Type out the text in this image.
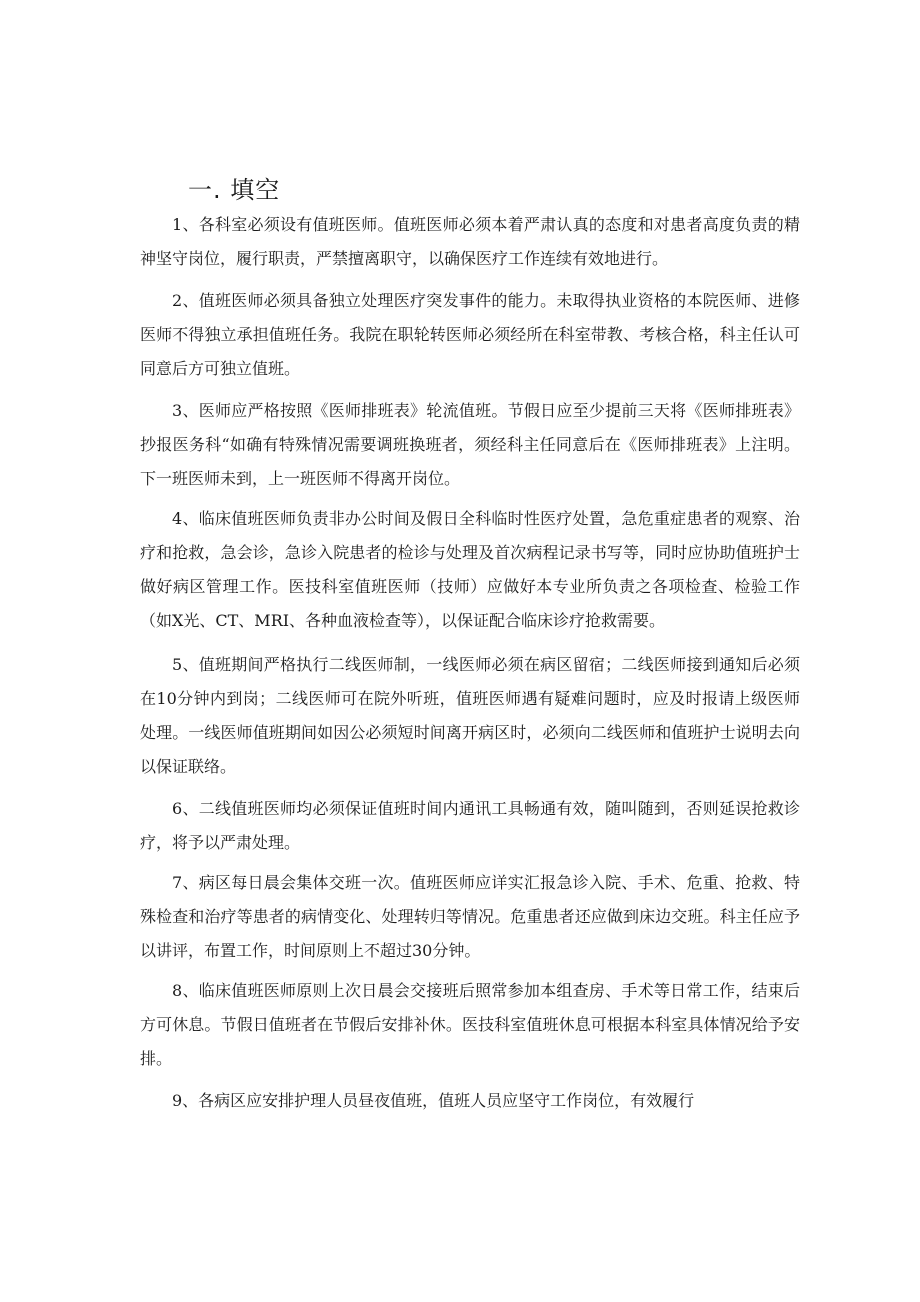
一. 填空

1、各科室必须设有值班医师。值班医师必须本着严肃认真的态度和对患者高度负责的精神坚守岗位，履行职责，严禁擅离职守，以确保医疗工作连续有效地进行。

2、值班医师必须具备独立处理医疗突发事件的能力。未取得执业资格的本院医师、进修医师不得独立承担值班任务。我院在职轮转医师必须经所在科室带教、考核合格，科主任认可同意后方可独立值班。

3、医师应严格按照《医师排班表》轮流值班。节假日应至少提前三天将《医师排班表》抄报医务科“如确有特殊情况需要调班换班者，须经科主任同意后在《医师排班表》上注明。下一班医师未到，上一班医师不得离开岗位。

4、临床值班医师负责非办公时间及假日全科临时性医疗处置，急危重症患者的观察、治疗和抢救，急会诊，急诊入院患者的检诊与处理及首次病程记录书写等，同时应协助值班护士做好病区管理工作。医技科室值班医师（技师）应做好本专业所负责之各项检查、检验工作（如X光、CT、MRI、各种血液检查等），以保证配合临床诊疗抢救需要。

5、值班期间严格执行二线医师制，一线医师必须在病区留宿；二线医师接到通知后必须在10分钟内到岗；二线医师可在院外听班，值班医师遇有疑难问题时，应及时报请上级医师处理。一线医师值班期间如因公必须短时间离开病区时，必须向二线医师和值班护士说明去向以保证联络。

6、二线值班医师均必须保证值班时间内通讯工具畅通有效，随叫随到，否则延误抢救诊疗，将予以严肃处理。

7、病区每日晨会集体交班一次。值班医师应详实汇报急诊入院、手术、危重、抢救、特殊检查和治疗等患者的病情变化、处理转归等情况。危重患者还应做到床边交班。科主任应予以讲评，布置工作，时间原则上不超过30分钟。

8、临床值班医师原则上次日晨会交接班后照常参加本组查房、手术等日常工作，结束后方可休息。节假日值班者在节假后安排补休。医技科室值班休息可根据本科室具体情况给予安排。

9、各病区应安排护理人员昼夜值班，值班人员应坚守工作岗位，有效履行
